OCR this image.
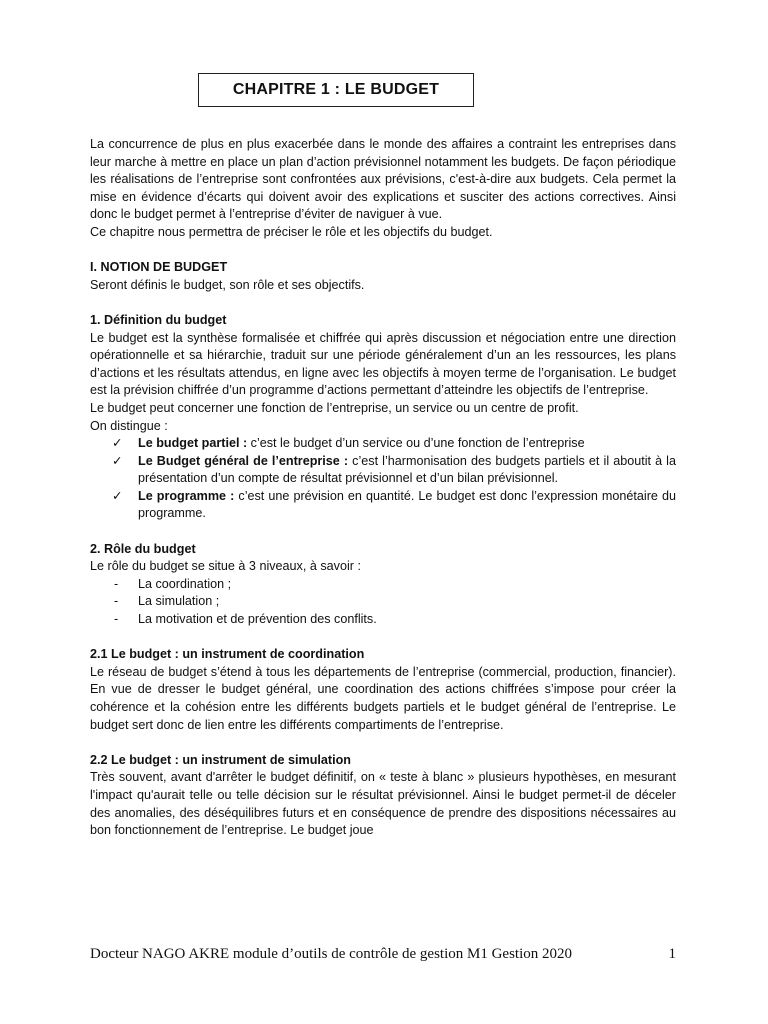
CHAPITRE 1 : LE BUDGET

La concurrence de plus en plus exacerbée dans le monde des affaires a contraint les entreprises dans leur marche à mettre en place un plan d’action prévisionnel notamment les budgets. De façon périodique les réalisations de l’entreprise sont confrontées aux prévisions, c'est-à-dire aux budgets. Cela permet la mise en évidence d’écarts qui doivent avoir des explications et susciter des actions correctives. Ainsi donc le budget permet à l’entreprise d’éviter de naviguer à vue.

Ce chapitre nous permettra de préciser le rôle et les objectifs du budget.

I. NOTION DE BUDGET

Seront définis le budget, son rôle et ses objectifs.

1. Définition du budget

Le budget est la synthèse formalisée et chiffrée qui après discussion et négociation entre une direction opérationnelle et sa hiérarchie, traduit sur une période généralement d’un an les ressources, les plans d’actions et les résultats attendus, en ligne avec les objectifs à moyen terme de l’organisation. Le budget est la prévision chiffrée d’un programme d’actions permettant d’atteindre les objectifs de l’entreprise.

Le budget peut concerner une fonction de l’entreprise, un service ou un centre de profit.

On distingue :

✓ Le budget partiel : c’est le budget d’un service ou d’une fonction de l’entreprise
✓ Le Budget général de l’entreprise : c’est l’harmonisation des budgets partiels et il aboutit à la présentation d’un compte de résultat prévisionnel et d’un bilan prévisionnel.
✓ Le programme : c’est une prévision en quantité. Le budget est donc l’expression monétaire du programme.

2. Rôle du budget

Le rôle du budget se situe à 3 niveaux, à savoir :

- La coordination ;
- La simulation ;
- La motivation et de prévention des conflits.

2.1 Le budget : un instrument de coordination

Le réseau de budget s’étend à tous les départements de l’entreprise (commercial, production, financier). En vue de dresser le budget général, une coordination des actions chiffrées s’impose pour créer la cohérence et la cohésion entre les différents budgets partiels et le budget général de l’entreprise. Le budget sert donc de lien entre les différents compartiments de l’entreprise.

2.2 Le budget : un instrument de simulation

Très souvent, avant d'arrêter le budget définitif, on « teste à blanc » plusieurs hypothèses, en mesurant l'impact qu'aurait telle ou telle décision sur le résultat prévisionnel. Ainsi le budget permet-il de déceler des anomalies, des déséquilibres futurs et en conséquence de prendre des dispositions nécessaires au bon fonctionnement de l’entreprise. Le budget joue

Docteur NAGO AKRE module d’outils de contrôle de gestion M1 Gestion 2020	1
